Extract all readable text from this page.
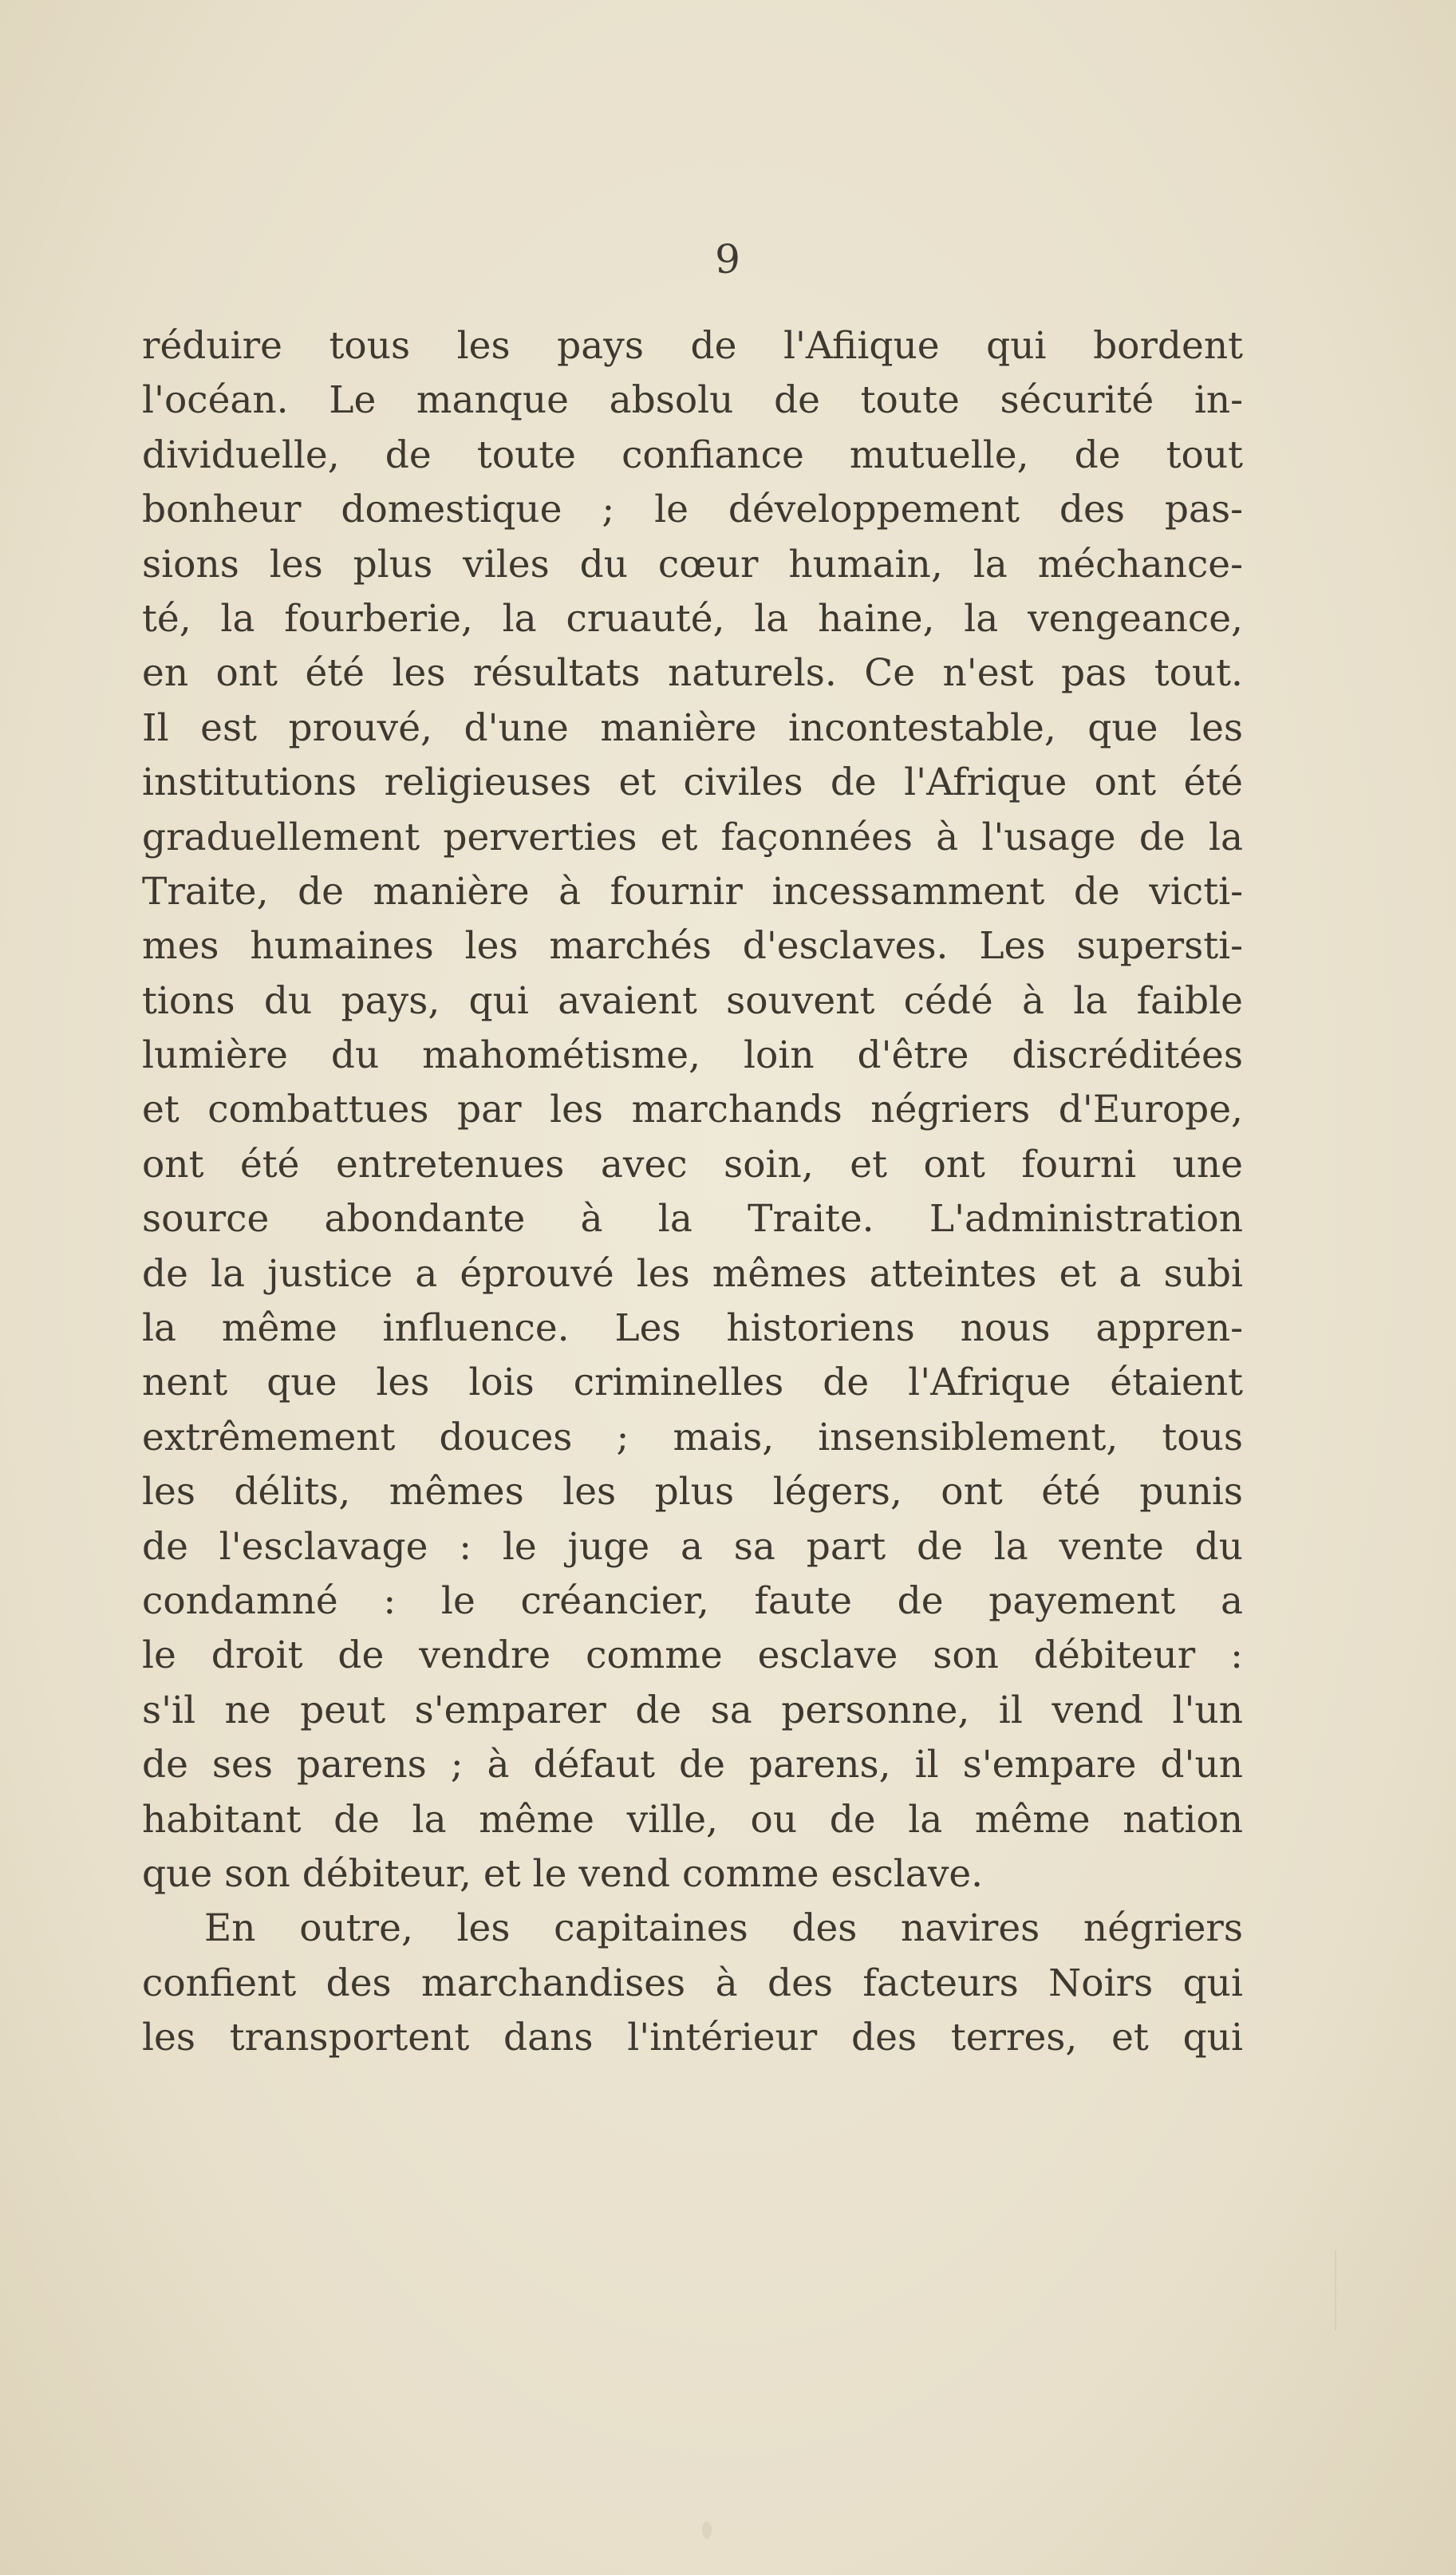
9
réduire tous les pays de l'Afiique qui bordent
l'océan. Le manque absolu de toute sécurité in-
dividuelle, de toute confiance mutuelle, de tout
bonheur domestique ; le développement des pas-
sions les plus viles du cœur humain, la méchance-
té, la fourberie, la cruauté, la haine, la vengeance,
en ont été les résultats naturels. Ce n'est pas tout.
Il est prouvé, d'une manière incontestable, que les
institutions religieuses et civiles de l'Afrique ont été
graduellement perverties et façonnées à l'usage de la
Traite, de manière à fournir incessamment de victi-
mes humaines les marchés d'esclaves. Les supersti-
tions du pays, qui avaient souvent cédé à la faible
lumière du mahométisme, loin d'être discréditées
et combattues par les marchands négriers d'Europe,
ont été entretenues avec soin, et ont fourni une
source abondante à la Traite. L'administration
de la justice a éprouvé les mêmes atteintes et a subi
la même influence. Les historiens nous appren-
nent que les lois criminelles de l'Afrique étaient
extrêmement douces ; mais, insensiblement, tous
les délits, mêmes les plus légers, ont été punis
de l'esclavage : le juge a sa part de la vente du
condamné : le créancier, faute de payement a
le droit de vendre comme esclave son débiteur :
s'il ne peut s'emparer de sa personne, il vend l'un
de ses parens ; à défaut de parens, il s'empare d'un
habitant de la même ville, ou de la même nation
que son débiteur, et le vend comme esclave.
En outre, les capitaines des navires négriers
confient des marchandises à des facteurs Noirs qui
les transportent dans l'intérieur des terres, et qui
